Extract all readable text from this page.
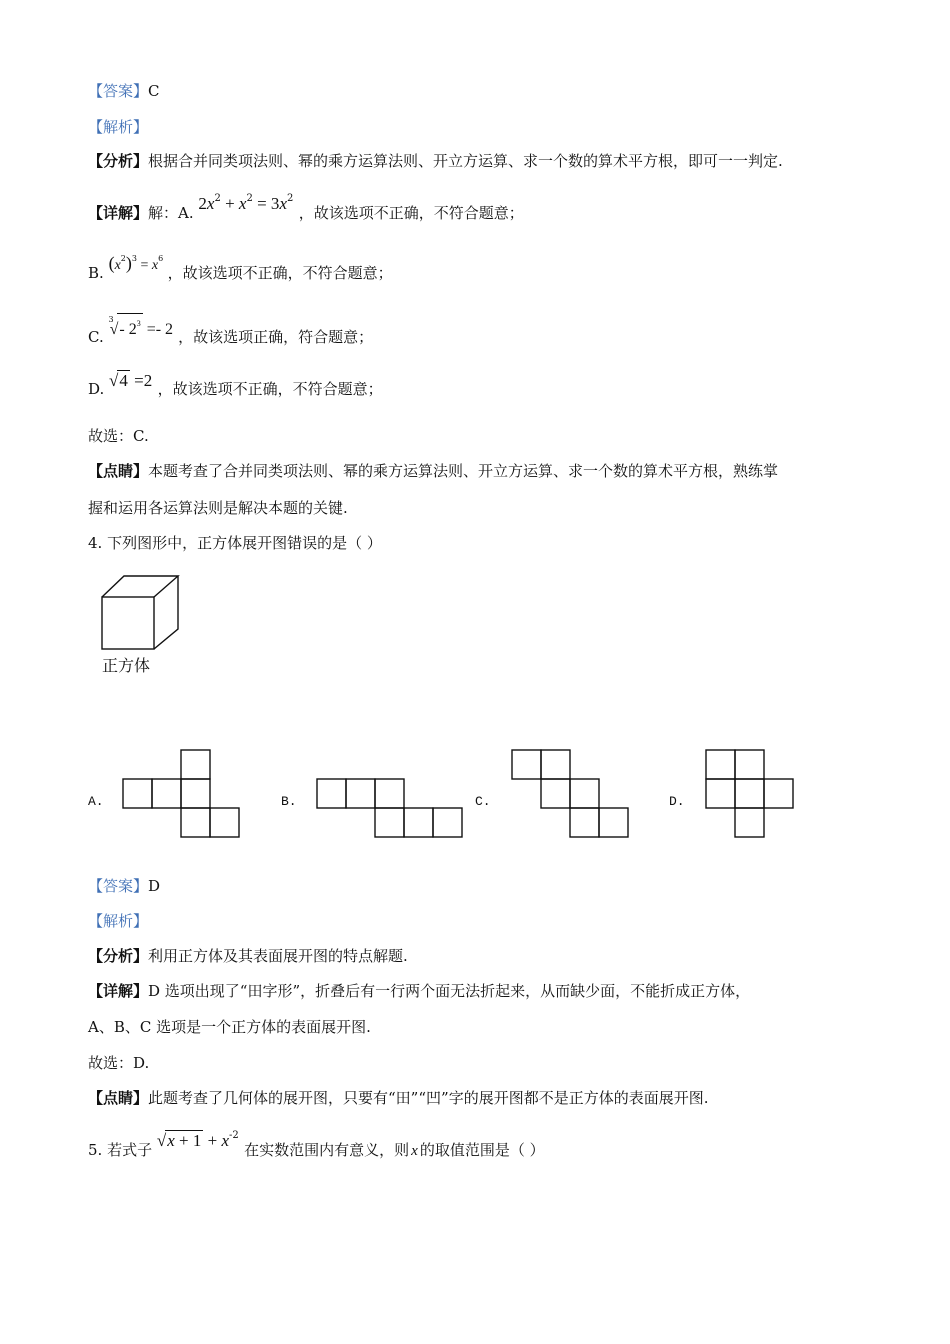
【答案】C
【解析】
【分析】根据合并同类项法则、幂的乘方运算法则、开立方运算、求一个数的算术平方根，即可一一判定.
【详解】解：A. $2x^2 + x^2 = 3x^2$ ，故该选项不正确，不符合题意；
B. $(x^2)^3 = x^6$ ，故该选项不正确，不符合题意；
C. $^3$√- $2^3 =- 2$ ，故该选项正确，符合题意；
D. √4 =2 ，故该选项不正确，不符合题意；
故选：C.
【点睛】本题考查了合并同类项法则、幂的乘方运算法则、开立方运算、求一个数的算术平方根，熟练掌
握和运用各运算法则是解决本题的关键.
4. 下列图形中，正方体展开图错误的是（ ）
正方体
A.	B.	C.	D.
【答案】D
【解析】
【分析】利用正方体及其表面展开图的特点解题.
【详解】D 选项出现了“田字形”，折叠后有一行两个面无法折起来，从而缺少面，不能折成正方体，
A、B、C 选项是一个正方体的表面展开图.
故选：D.
【点睛】此题考查了几何体的展开图，只要有“田”“凹”字的展开图都不是正方体的表面展开图.
5. 若式子 $√x + 1 + x^{-2}$ 在实数范围内有意义，则 x 的取值范围是（ ）
